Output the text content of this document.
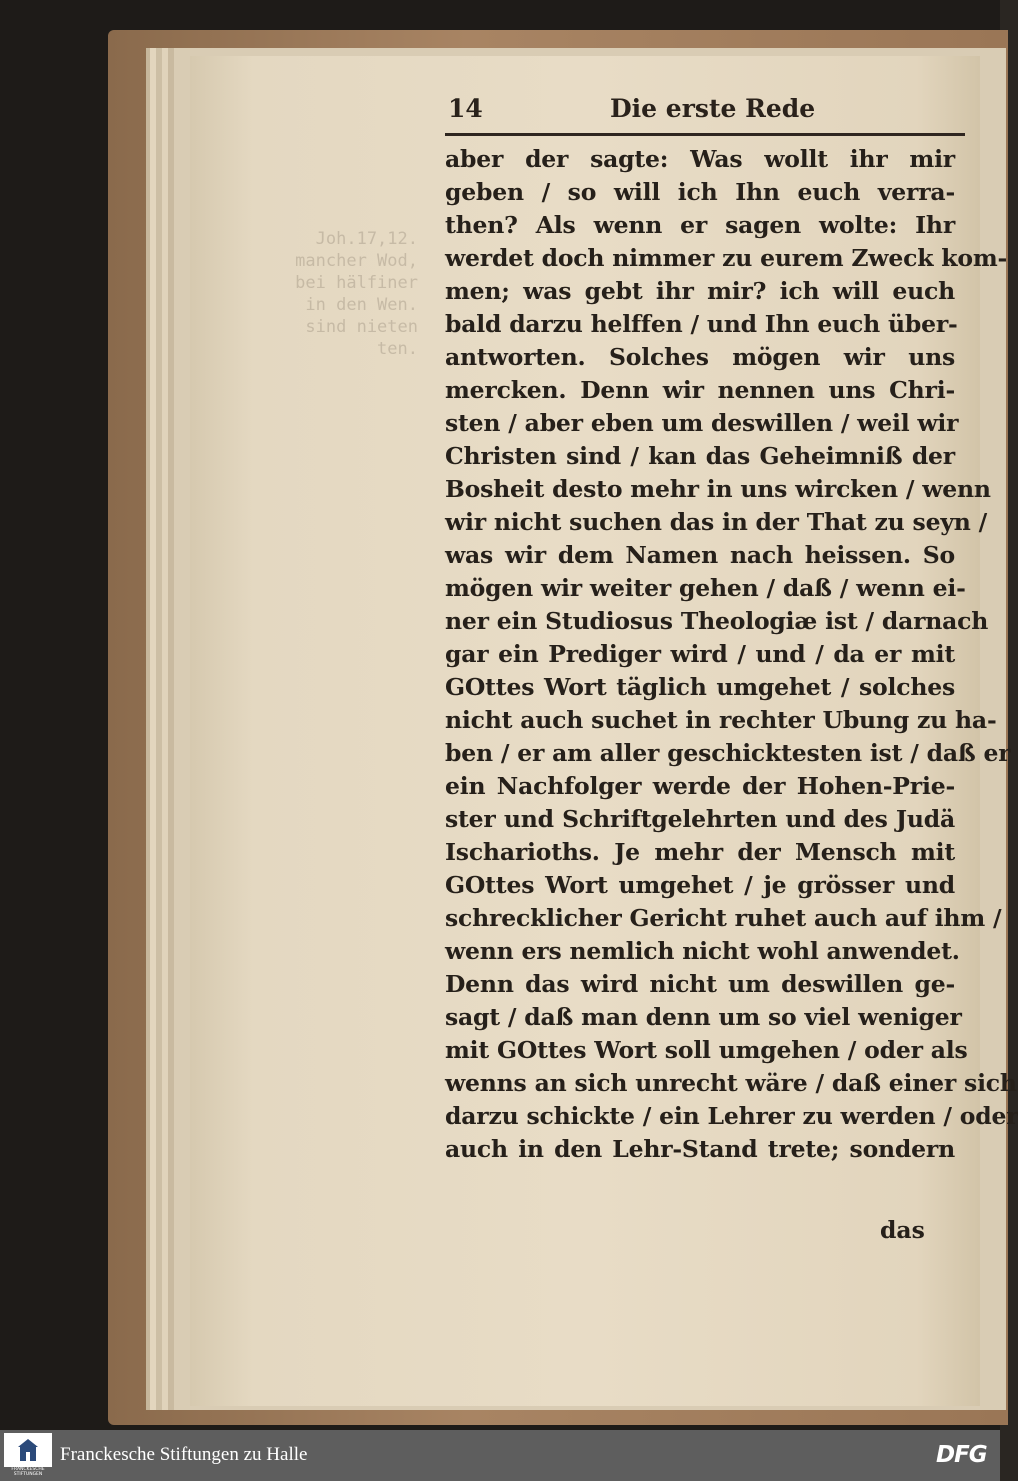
Joh.17,12.
mancher Wod,
bei hälfiner
in den Wen.
sind nieten
ten.
14	Die erste Rede
aber der sagte: Was wollt ihr mir
geben / so will ich Ihn euch verra-
then? Als wenn er sagen wolte: Ihr
werdet doch nimmer zu eurem Zweck kom-
men; was gebt ihr mir? ich will euch
bald darzu helffen / und Ihn euch über-
antworten. Solches mögen wir uns
mercken. Denn wir nennen uns Chri-
sten / aber eben um deswillen / weil wir
Christen sind / kan das Geheimniß der
Bosheit desto mehr in uns wircken / wenn
wir nicht suchen das in der That zu seyn /
was wir dem Namen nach heissen. So
mögen wir weiter gehen / daß / wenn ei-
ner ein Studiosus Theologiæ ist / darnach
gar ein Prediger wird / und / da er mit
GOttes Wort täglich umgehet / solches
nicht auch suchet in rechter Ubung zu ha-
ben / er am aller geschicktesten ist / daß er
ein Nachfolger werde der Hohen-Prie-
ster und Schriftgelehrten und des Judä
Ischarioths. Je mehr der Mensch mit
GOttes Wort umgehet / je grösser und
schrecklicher Gericht ruhet auch auf ihm /
wenn ers nemlich nicht wohl anwendet.
Denn das wird nicht um deswillen ge-
sagt / daß man denn um so viel weniger
mit GOttes Wort soll umgehen / oder als
wenns an sich unrecht wäre / daß einer sich
darzu schickte / ein Lehrer zu werden / oder
auch in den Lehr-Stand trete; sondern
das
FRANCKESCHE STIFTUNGEN
Franckesche Stiftungen zu Halle	DFG
